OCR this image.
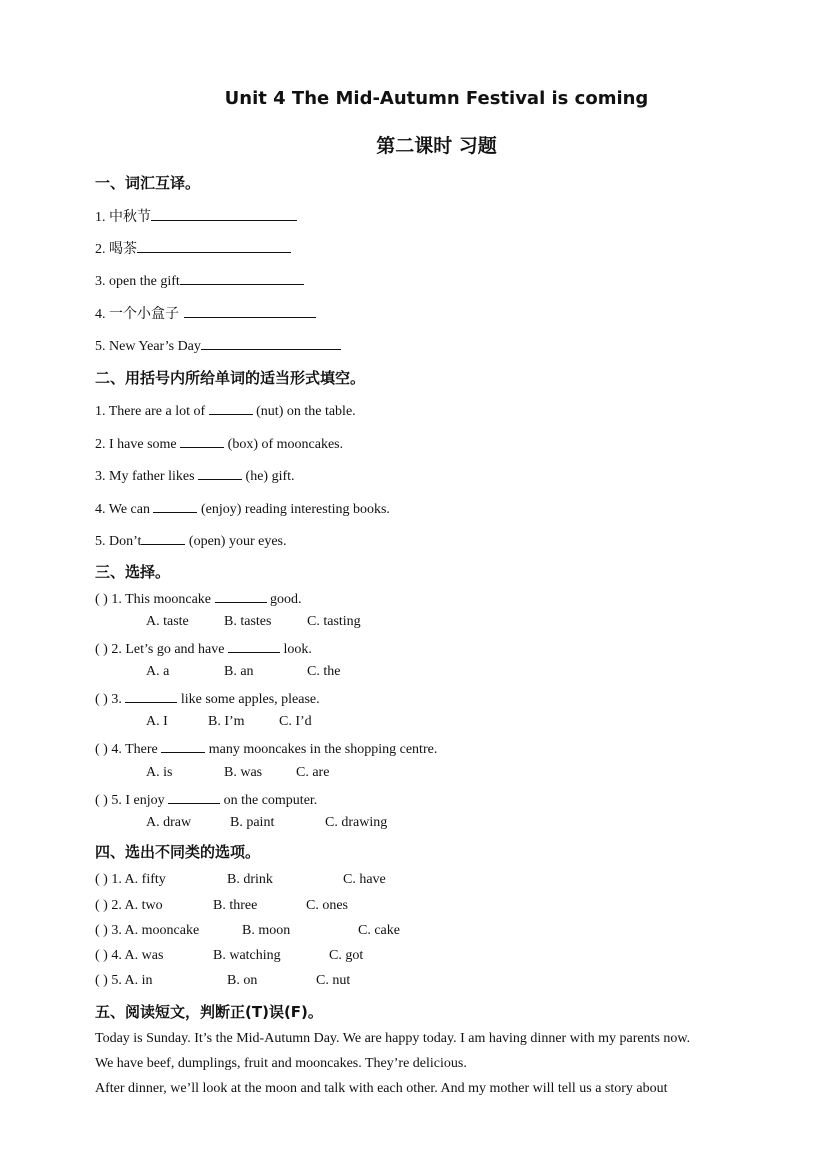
Unit 4 The Mid-Autumn Festival is coming
第二课时 习题
一、词汇互译。
1. 中秋节
2. 喝茶
3. open the gift
4. 一个小盒子
5. New Year’s Day
二、用括号内所给单词的适当形式填空。
1. There are a lot of	(nut) on the table.
2. I have some	(box) of mooncakes.
3. My father likes	(he) gift.
4. We can	(enjoy) reading interesting books.
5. Don’t	(open) your eyes.
三、选择。
( ) 1. This mooncake	good.
A. taste	B. tastes	C. tasting
( ) 2. Let’s go and have	look.
A. a	B. an	C. the
( ) 3.	like some apples, please.
A. I	B. I’m C. I’d
( ) 4. There	many mooncakes in the shopping centre.
A. is	B. was C. are
( ) 5. I enjoy	on the computer.
A. draw	B. paint	C. drawing
四、选出不同类的选项。
( ) 1. A. fifty	B. drink	C. have
( ) 2. A. two	B. three	C. ones
( ) 3. A. mooncake	B. moon	C. cake
( ) 4. A. was	B. watching	C. got
( ) 5. A. in	B. on	C. nut
五、阅读短文，判断正(T)误(F)。
Today is Sunday. It’s the Mid-Autumn Day. We are happy today. I am having dinner with my parents now.
We have beef, dumplings, fruit and mooncakes. They’re delicious.
After dinner, we’ll look at the moon and talk with each other. And my mother will tell us a story about
